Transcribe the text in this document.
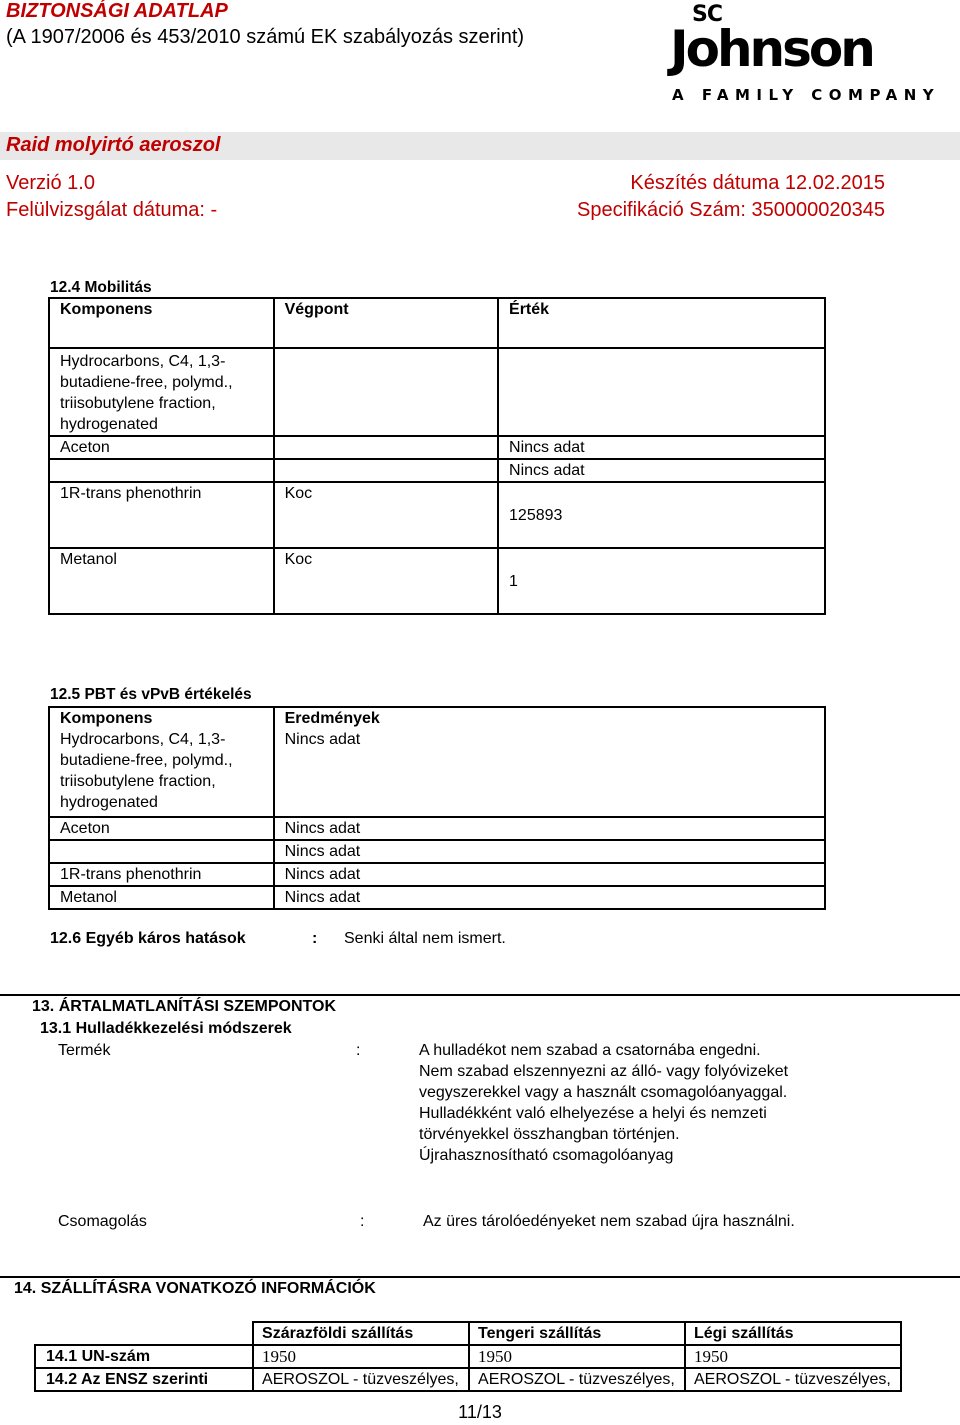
BIZTONSÁGI ADATLAP
(A 1907/2006 és 453/2010 számú EK szabályozás szerint)	Johnson
SC
A FAMILY COMPANY
Raid molyirtó aeroszol
Verzió 1.0
Felülvizsgálat dátuma: -
Készítés dátuma 12.02.2015
Specifikáció Szám: 350000020345
12.4 Mobilitás
Komponens	Végpont	Érték
Hydrocarbons, C4, 1,3-butadiene-free, polymd., triisobutylene fraction, hydrogenated		
Aceton		Nincs adat
		Nincs adat
1R-trans phenothrin	Koc	125893
Metanol	Koc	1
12.5 PBT és vPvB értékelés
Komponens	Eredmények
Hydrocarbons, C4, 1,3-butadiene-free, polymd., triisobutylene fraction, hydrogenated	Nincs adat
Aceton	Nincs adat
	Nincs adat
1R-trans phenothrin	Nincs adat
Metanol	Nincs adat
12.6 Egyéb káros hatások	: Senki által nem ismert.
13. ÁRTALMATLANÍTÁSI SZEMPONTOK
13.1 Hulladékkezelési módszerek
Termék	:	A hulladékot nem szabad a csatornába engedni.
Nem szabad elszennyezni az álló- vagy folyóvizeket
vegyszerekkel vagy a használt csomagolóanyaggal.
Hulladékként való elhelyezése a helyi és nemzeti
törvényekkel összhangban történjen.
Újrahasznosítható csomagolóanyag
Csomagolás	:	Az üres tárolóedényeket nem szabad újra használni.
14. SZÁLLÍTÁSRA VONATKOZÓ INFORMÁCIÓK
	Szárazföldi szállítás	Tengeri szállítás	Légi szállítás
14.1 UN-szám	1950	1950	1950
14.2 Az ENSZ szerinti	AEROSZOL - tüzveszélyes,	AEROSZOL - tüzveszélyes,	AEROSZOL - tüzveszélyes,
11/13
